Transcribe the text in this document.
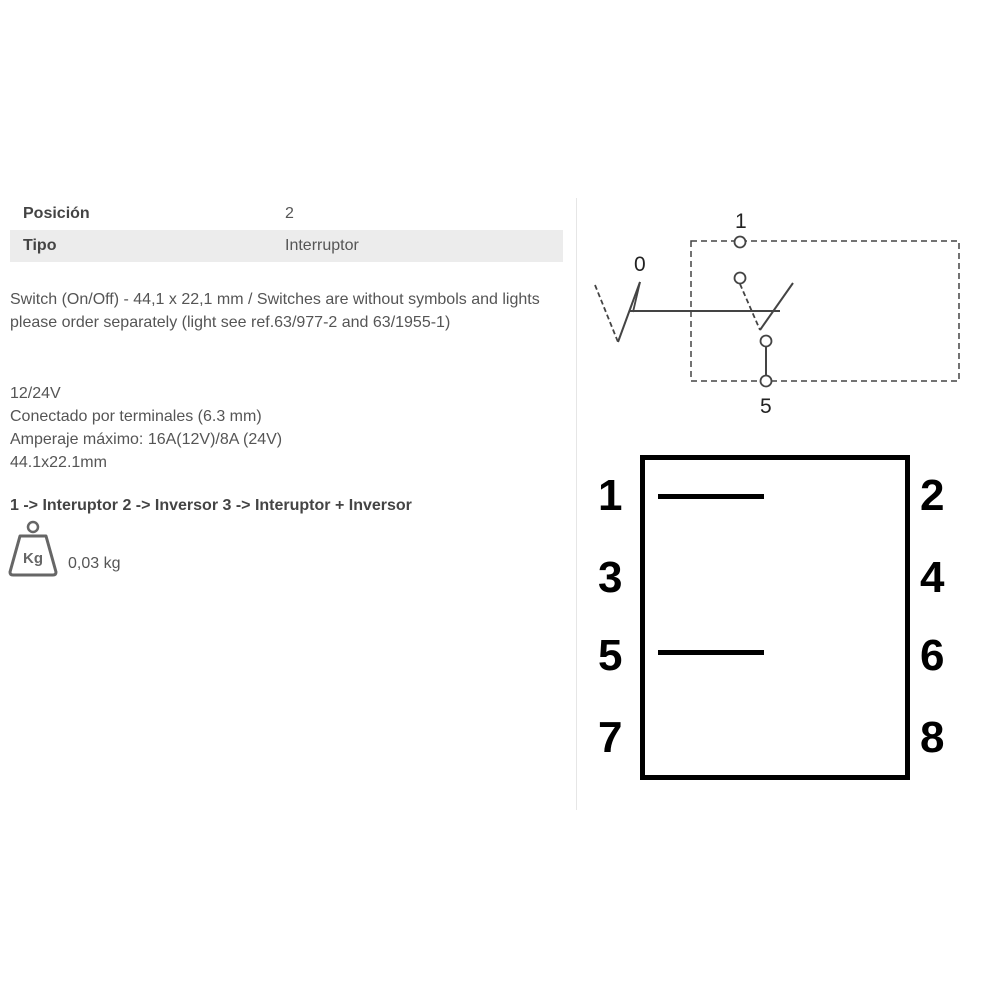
Posición	2
Tipo	Interruptor
Switch (On/Off) - 44,1 x 22,1 mm / Switches are without symbols and lights please order separately (light see ref.63/977-2 and 63/1955-1)
12/24V
Conectado por terminales (6.3 mm)
Amperaje máximo: 16A(12V)/8A (24V)
44.1x22.1mm
1 -> Interuptor 2 -> Inversor 3 -> Interuptor + Inversor
Kg 0,03 kg
1
0
5
1
3
5
7
2
4
6
8
